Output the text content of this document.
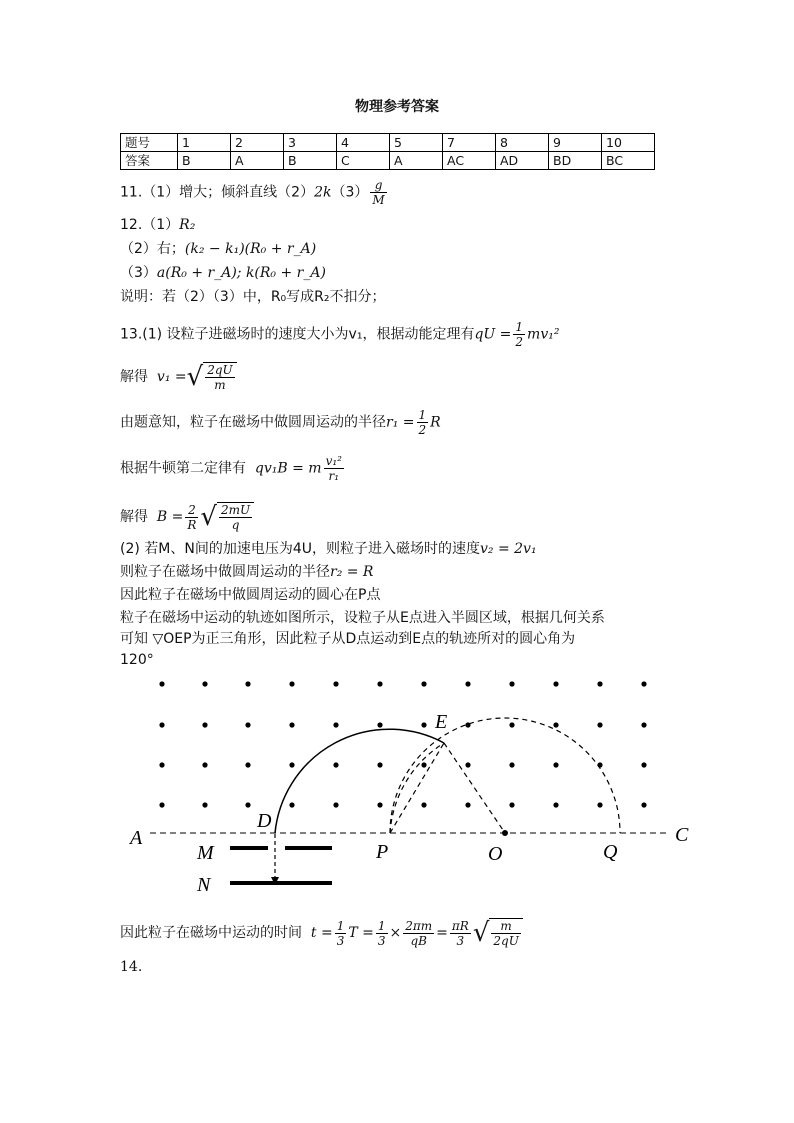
物理参考答案
题号	1	2	3	4	5	7	8	9	10
答案	B	A	B	C	A	AC	AD	BD	BC
11.（1）增大；倾斜直线$(2)2k(3) \frac{g}{M}$
12.（1）R₂
（2）右；(k₂ − k₁)(R₀ + r_A)
（3）a(R₀ + r_A); k(R₀ + r_A)
说明：若（2）（3）中，R₀写成R₂不扣分；
13.(1) 设粒子进磁场时的速度大小为v₁，根据动能定理有qU = $\frac{1}{2} mv_1^2$
解得 v₁ =√ $\frac{2qU}{m}$
由题意知，粒子在磁场中做圆周运动的半径$r_1 = \frac{1}{2}$ R
根据牛顿第二定律有 qv₁B = m $\frac{\text{v₁²}}{\text{r₁}}$
解得 $B = \frac{2}{R}$ √ $\frac{2mU}{q}$
(2) 若M、N间的加速电压为4U，则粒子进入磁场时的速度v₂ = 2v₁
则粒子在磁场中做圆周运动的半径r₂ = R
因此粒子在磁场中做圆周运动的圆心在P点
粒子在磁场中运动的轨迹如图所示，设粒子从E点进入半圆区域，根据几何关系
可知 ▽OEP为正三角形，因此粒子从D点运动到E点的轨迹所对的圆心角为
120°
A	C
D
E
M
N
P	O	Q
因此粒子在磁场中运动的时间 $t = \frac{1}{3}$ $T = \frac{1}{3} \times \frac{2\pi m}{qB} = \frac{\pi R}{3}$ √ $\frac{m}{2qU}$
14.
